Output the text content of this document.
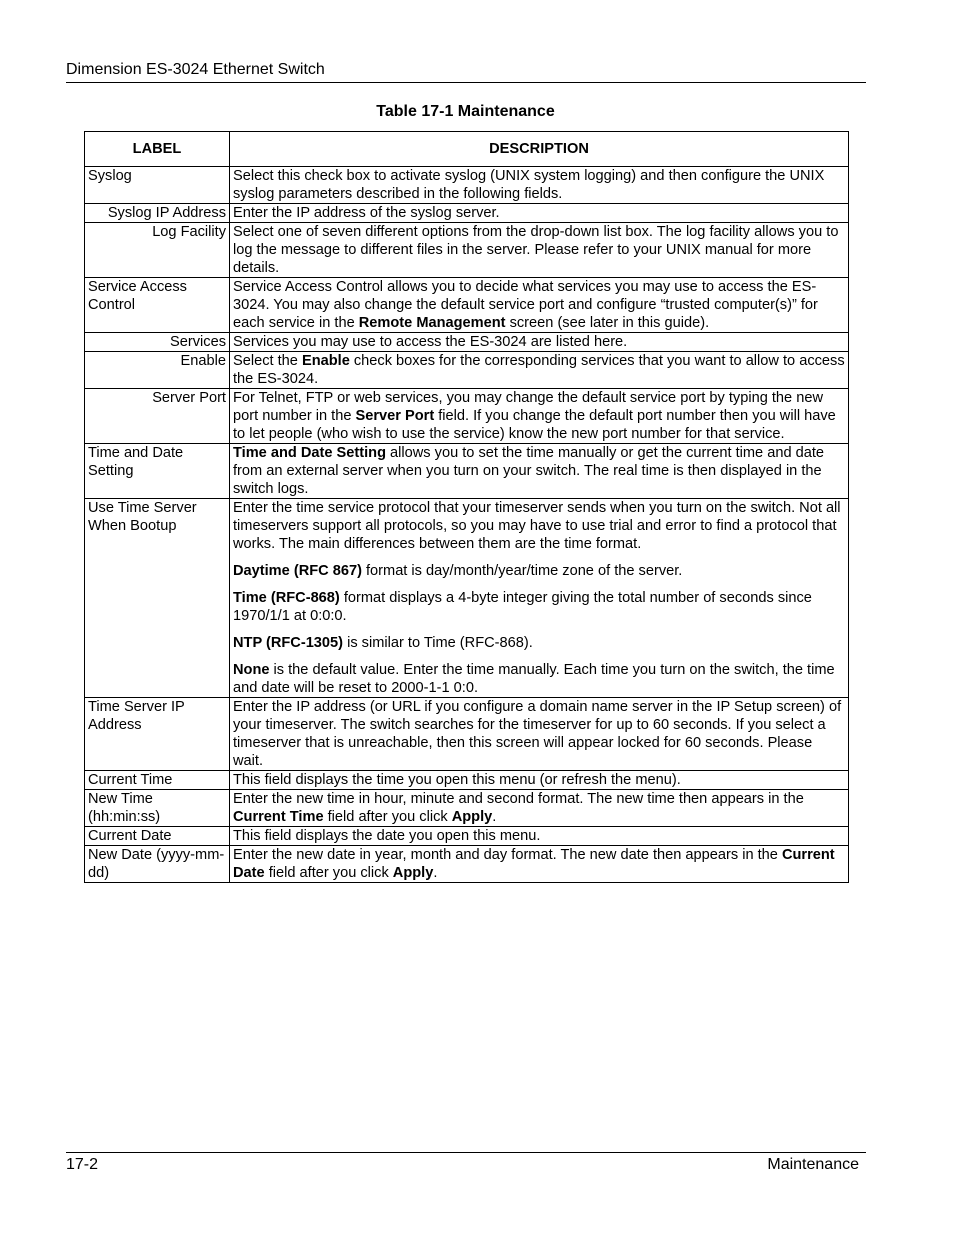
Dimension ES-3024 Ethernet Switch
Table 17-1 Maintenance
LABEL	DESCRIPTION
Syslog	Select this check box to activate syslog (UNIX system logging) and then configure the UNIX syslog parameters described in the following fields.

Syslog IP Address	Enter the IP address of the syslog server.

Log Facility	Select one of seven different options from the drop-down list box. The log facility allows you to log the message to different files in the server. Please refer to your UNIX manual for more details.

Service Access Control	Service Access Control allows you to decide what services you may use to access the ES-3024. You may also change the default service port and configure “trusted computer(s)” for each service in the Remote Management screen (see later in this guide).

Services	Services you may use to access the ES-3024 are listed here.

Enable	Select the Enable check boxes for the corresponding services that you want to allow to access the ES-3024.

Server Port	For Telnet, FTP or web services, you may change the default service port by typing the new port number in the Server Port field. If you change the default port number then you will have to let people (who wish to use the service) know the new port number for that service.

Time and Date Setting	Time and Date Setting allows you to set the time manually or get the current time and date from an external server when you turn on your switch. The real time is then displayed in the switch logs.

Use Time Server When Bootup	Enter the time service protocol that your timeserver sends when you turn on the switch. Not all timeservers support all protocols, so you may have to use trial and error to find a protocol that works. The main differences between them are the time format.

Daytime (RFC 867) format is day/month/year/time zone of the server.

Time (RFC-868) format displays a 4-byte integer giving the total number of seconds since 1970/1/1 at 0:0:0.

NTP (RFC-1305) is similar to Time (RFC-868).

None is the default value. Enter the time manually. Each time you turn on the switch, the time and date will be reset to 2000-1-1 0:0.

Time Server IP Address	Enter the IP address (or URL if you configure a domain name server in the IP Setup screen) of your timeserver. The switch searches for the timeserver for up to 60 seconds. If you select a timeserver that is unreachable, then this screen will appear locked for 60 seconds. Please wait.

Current Time	This field displays the time you open this menu (or refresh the menu).

New Time (hh:min:ss)	Enter the new time in hour, minute and second format. The new time then appears in the Current Time field after you click Apply.

Current Date	This field displays the date you open this menu.

New Date (yyyy-mm-dd)	Enter the new date in year, month and day format. The new date then appears in the Current Date field after you click Apply.

17-2	Maintenance
